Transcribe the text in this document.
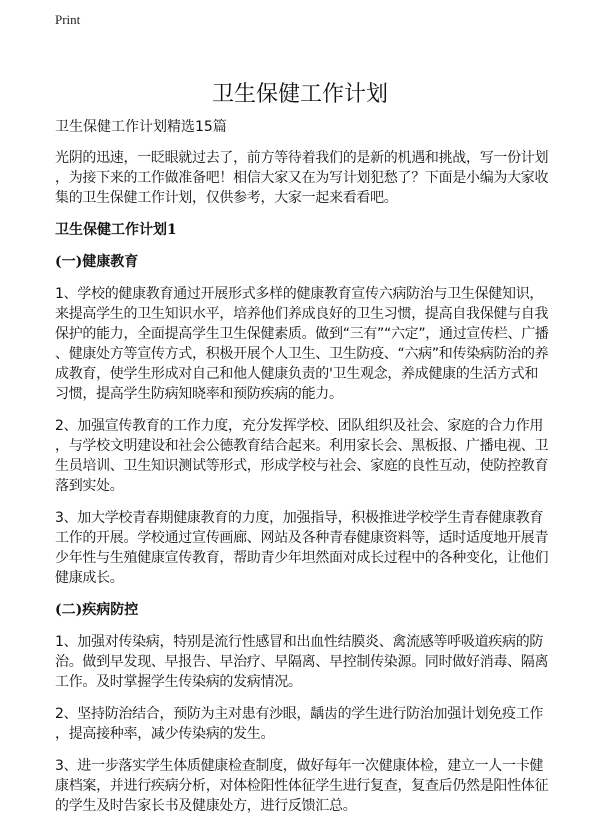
Print
卫生保健工作计划
卫生保健工作计划精选15篇
光阴的迅速，一眨眼就过去了，前方等待着我们的是新的机遇和挑战，写一份计划
，为接下来的工作做准备吧！相信大家又在为写计划犯愁了？下面是小编为大家收
集的卫生保健工作计划，仅供参考，大家一起来看看吧。
卫生保健工作计划1
(一)健康教育
1、学校的健康教育通过开展形式多样的健康教育宣传六病防治与卫生保健知识，
来提高学生的卫生知识水平，培养他们养成良好的卫生习惯，提高自我保健与自我
保护的能力，全面提高学生卫生保健素质。做到“三有”“六定”，通过宣传栏、广播
、健康处方等宣传方式，积极开展个人卫生、卫生防疫、“六病”和传染病防治的养
成教育，使学生形成对自己和他人健康负责的'卫生观念，养成健康的生活方式和
习惯，提高学生防病知晓率和预防疾病的能力。
2、加强宣传教育的工作力度，充分发挥学校、团队组织及社会、家庭的合力作用
，与学校文明建设和社会公德教育结合起来。利用家长会、黑板报、广播电视、卫
生员培训、卫生知识测试等形式，形成学校与社会、家庭的良性互动，使防控教育
落到实处。
3、加大学校青春期健康教育的力度，加强指导，积极推进学校学生青春健康教育
工作的开展。学校通过宣传画廊、网站及各种青春健康资料等，适时适度地开展青
少年性与生殖健康宣传教育，帮助青少年坦然面对成长过程中的各种变化，让他们
健康成长。
(二)疾病防控
1、加强对传染病，特别是流行性感冒和出血性结膜炎、禽流感等呼吸道疾病的防
治。做到早发现、早报告、早治疗、早隔离、早控制传染源。同时做好消毒、隔离
工作。及时掌握学生传染病的发病情况。
2、坚持防治结合，预防为主对患有沙眼，龋齿的学生进行防治加强计划免疫工作
，提高接种率，减少传染病的发生。
3、进一步落实学生体质健康检查制度，做好每年一次健康体检，建立一人一卡健
康档案，并进行疾病分析，对体检阳性体征学生进行复查，复查后仍然是阳性体征
的学生及时告家长书及健康处方，进行反馈汇总。
